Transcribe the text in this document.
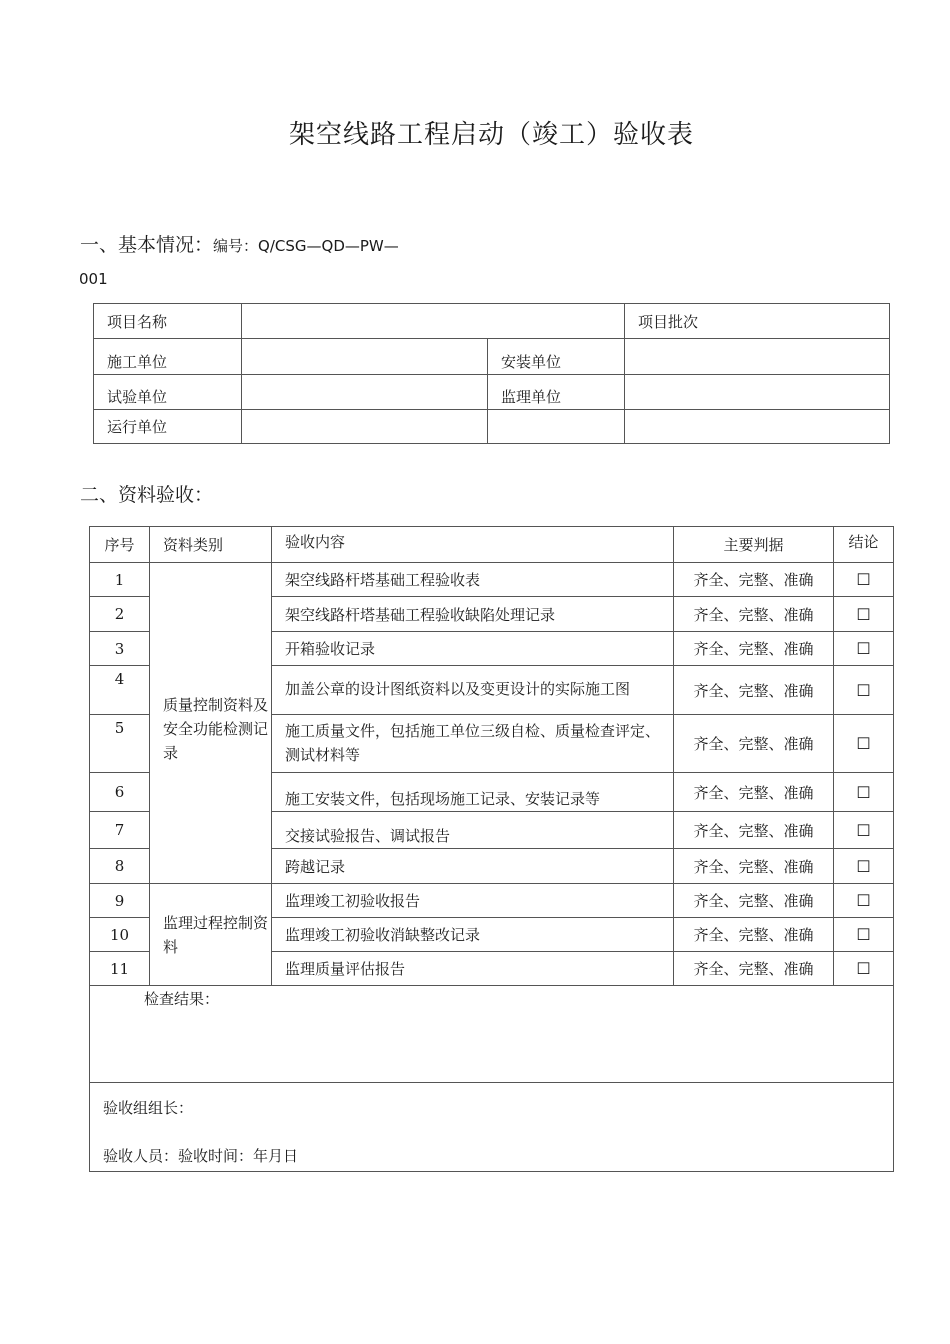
架空线路工程启动（竣工）验收表
一、基本情况：编号：Q/CSG—QD—PW—
001
项目名称			项目批次
施工单位		安装单位	
试验单位		监理单位	
运行单位			
二、资料验收：
序号	资料类别	验收内容	主要判据	结论
1	质量控制资料及安全功能检测记录	架空线路杆塔基础工程验收表	齐全、完整、准确	☐
2		架空线路杆塔基础工程验收缺陷处理记录	齐全、完整、准确	☐
3		开箱验收记录	齐全、完整、准确	☐
4		加盖公章的设计图纸资料以及变更设计的实际施工图	齐全、完整、准确	☐
5		施工质量文件，包括施工单位三级自检、质量检查评定、测试材料等	齐全、完整、准确	☐
6		施工安装文件，包括现场施工记录、安装记录等	齐全、完整、准确	☐
7		交接试验报告、调试报告	齐全、完整、准确	☐
8		跨越记录	齐全、完整、准确	☐
9	监理过程控制资料	监理竣工初验收报告	齐全、完整、准确	☐
10		监理竣工初验收消缺整改记录	齐全、完整、准确	☐
11		监理质量评估报告	齐全、完整、准确	☐
检查结果：				

验收组组长：
验收人员：验收时间：年月日				
